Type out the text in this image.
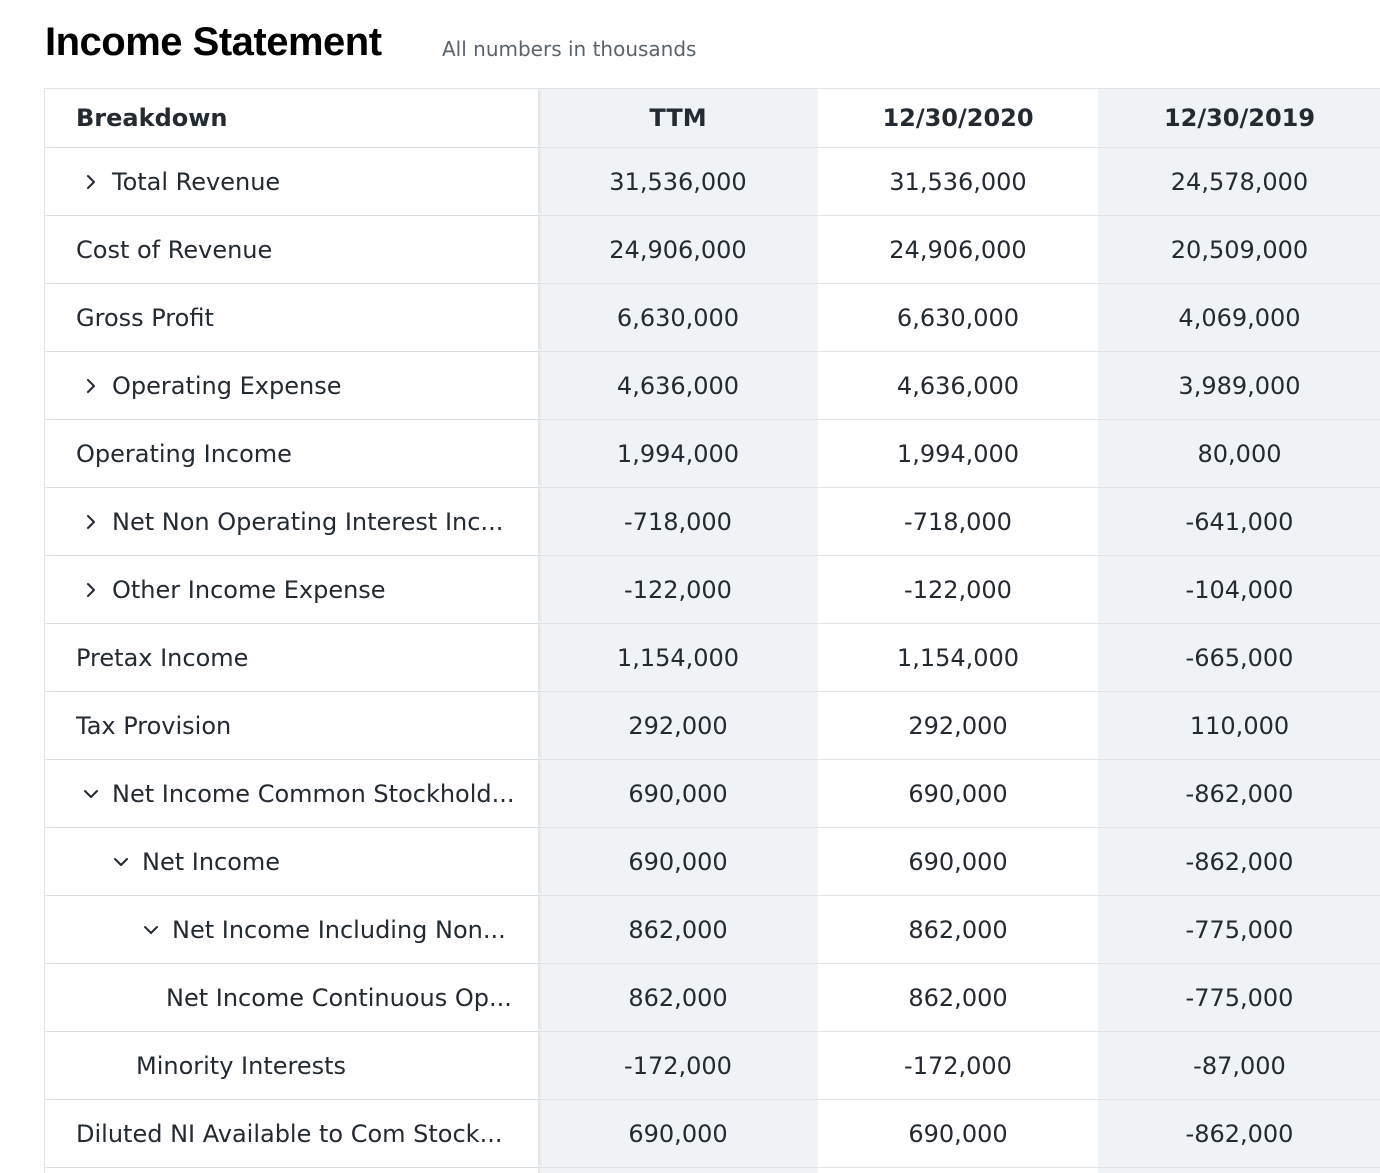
Income Statement	All numbers in thousands
Breakdown	TTM	12/30/2020	12/30/2019
Total Revenue	31,536,000	31,536,000	24,578,000
Cost of Revenue	24,906,000	24,906,000	20,509,000
Gross Profit	6,630,000	6,630,000	4,069,000
Operating Expense	4,636,000	4,636,000	3,989,000
Operating Income	1,994,000	1,994,000	80,000
Net Non Operating Interest Inc...	-718,000	-718,000	-641,000
Other Income Expense	-122,000	-122,000	-104,000
Pretax Income	1,154,000	1,154,000	-665,000
Tax Provision	292,000	292,000	110,000
Net Income Common Stockhold...	690,000	690,000	-862,000
Net Income	690,000	690,000	-862,000
Net Income Including Non...	862,000	862,000	-775,000
Net Income Continuous Op...	862,000	862,000	-775,000
Minority Interests	-172,000	-172,000	-87,000
Diluted NI Available to Com Stock...	690,000	690,000	-862,000
